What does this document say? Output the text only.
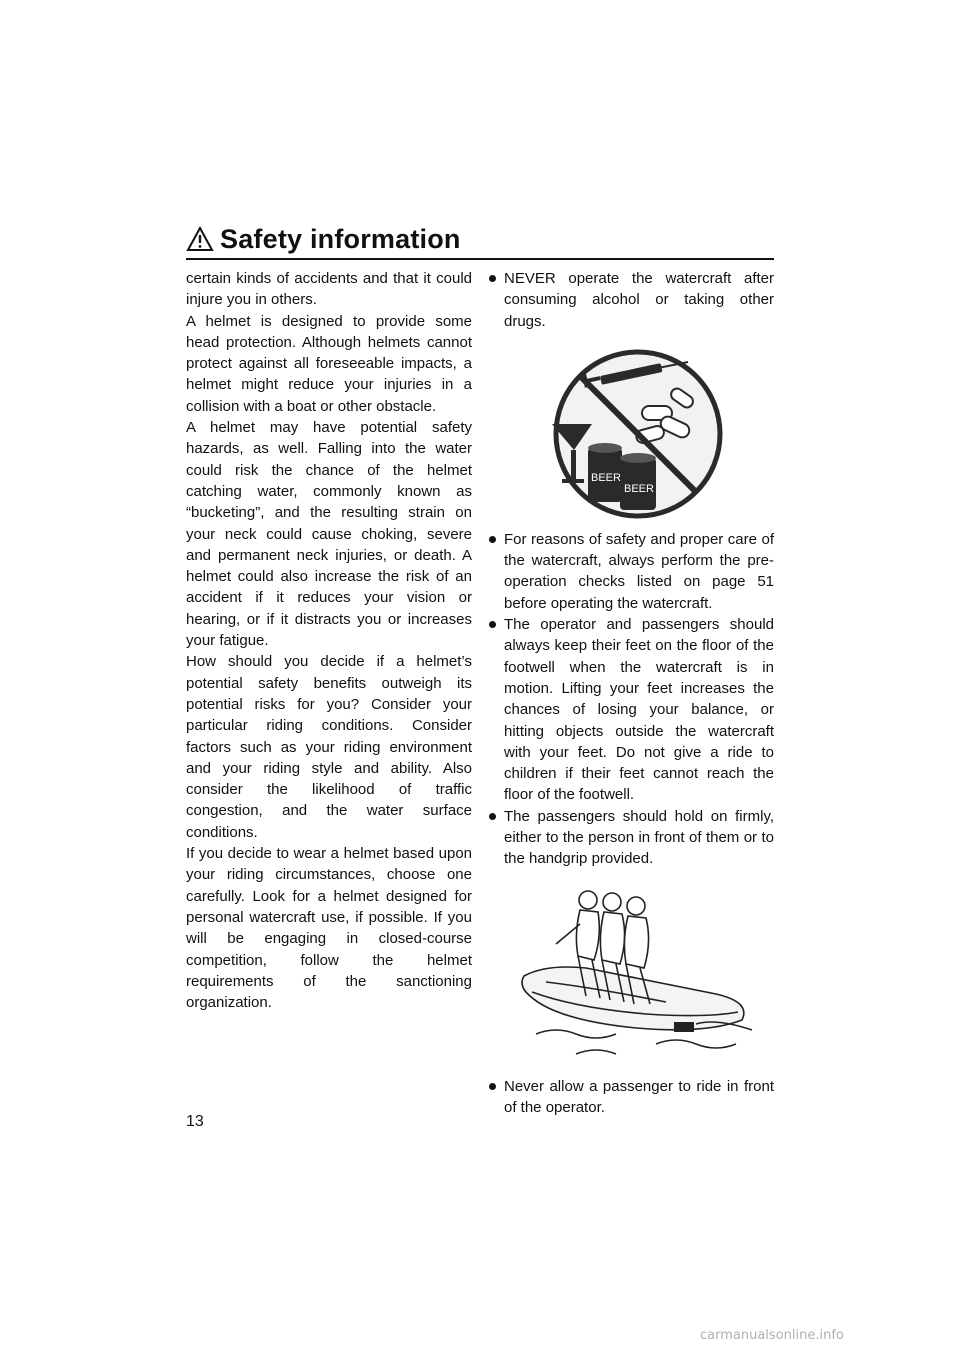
Safety information

certain kinds of accidents and that it could injure you in others.

A helmet is designed to provide some head protection. Although helmets cannot protect against all foreseeable impacts, a helmet might reduce your injuries in a collision with a boat or other obstacle.

A helmet may have potential safety hazards, as well. Falling into the water could risk the chance of the helmet catching water, commonly known as “bucketing”, and the resulting strain on your neck could cause choking, severe and permanent neck injuries, or death. A helmet could also increase the risk of an accident if it reduces your vision or hearing, or if it distracts you or increases your fatigue.

How should you decide if a helmet’s potential safety benefits outweigh its potential risks for you? Consider your particular riding conditions. Consider factors such as your riding environment and your riding style and ability. Also consider the likelihood of traffic congestion, and the water surface conditions.

If you decide to wear a helmet based upon your riding circumstances, choose one carefully. Look for a helmet designed for personal watercraft use, if possible. If you will be engaging in closed-course competition, follow the helmet requirements of the sanctioning organization.

NEVER operate the watercraft after consuming alcohol or taking other drugs.

BEER
BEER

For reasons of safety and proper care of the watercraft, always perform the pre-operation checks listed on page 51 before operating the watercraft.

The operator and passengers should always keep their feet on the floor of the footwell when the watercraft is in motion. Lifting your feet increases the chances of losing your balance, or hitting objects outside the watercraft with your feet. Do not give a ride to children if their feet cannot reach the floor of the footwell.

The passengers should hold on firmly, either to the person in front of them or to the handgrip provided.

Never allow a passenger to ride in front of the operator.

13
carmanualsonline.info
